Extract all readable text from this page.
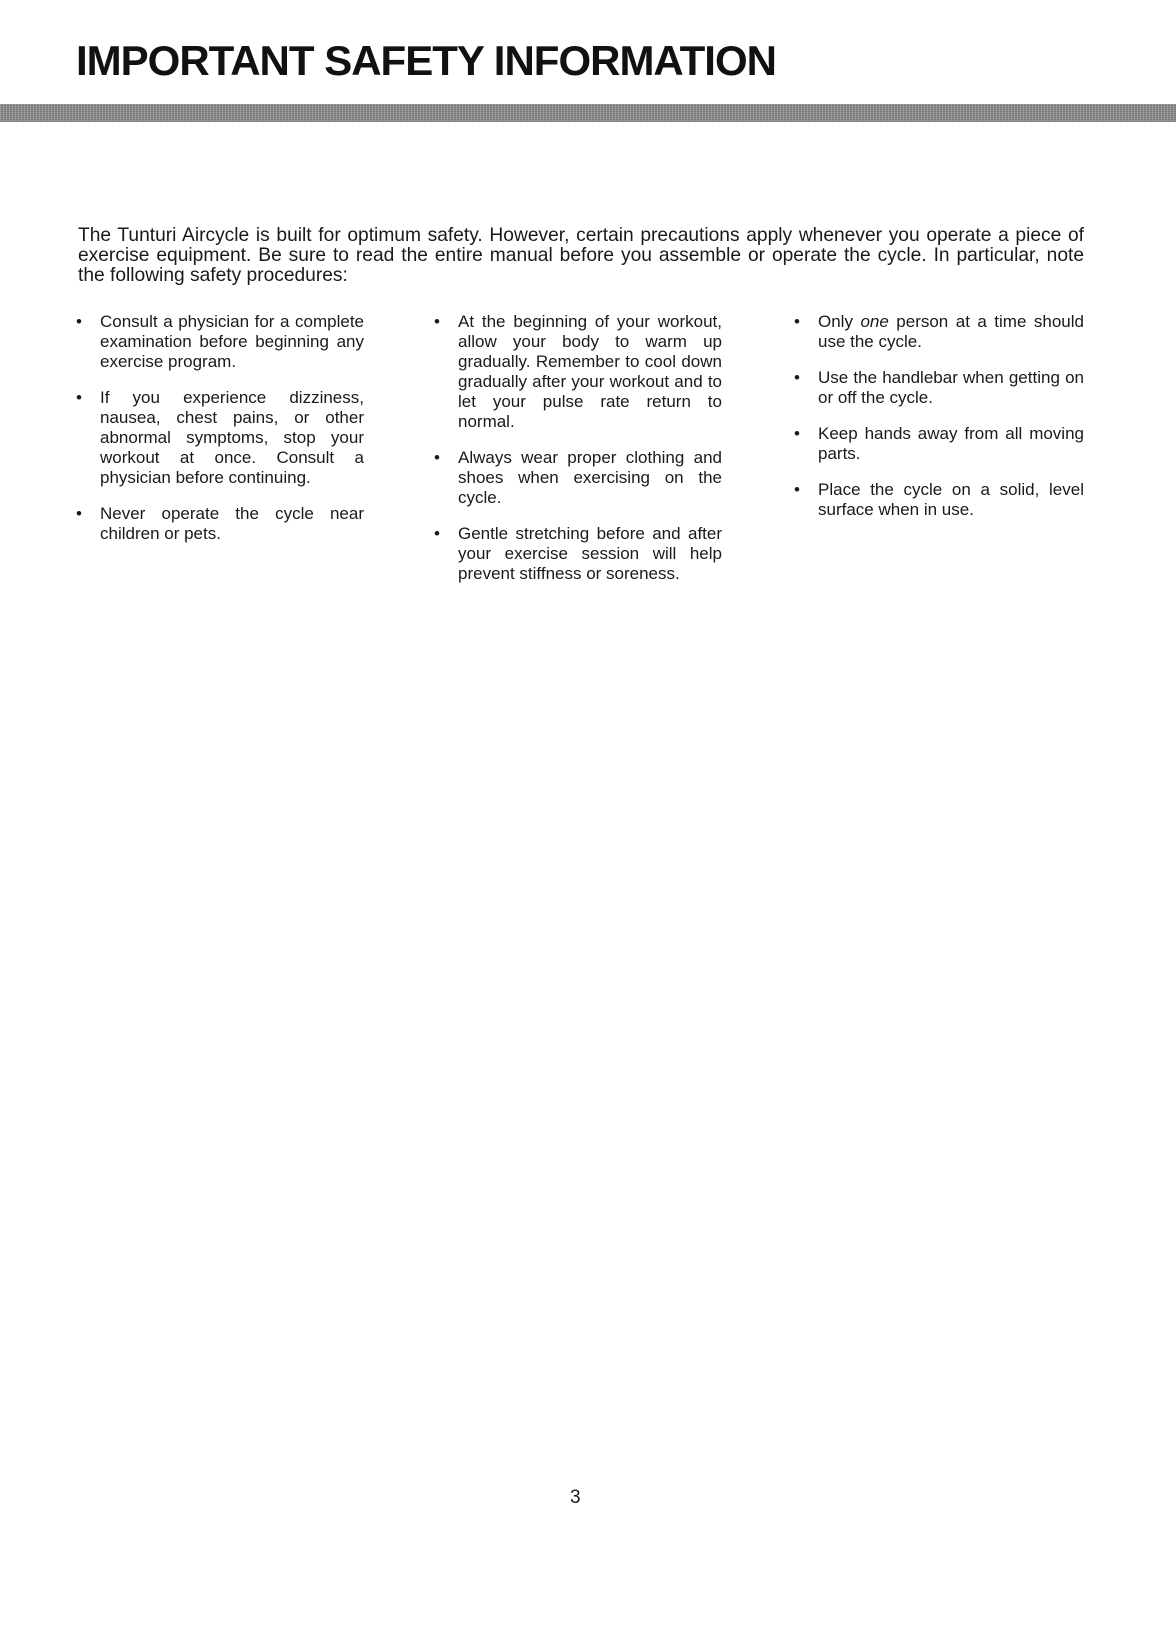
IMPORTANT SAFETY INFORMATION

The Tunturi Aircycle is built for optimum safety. However, certain precautions apply whenever you operate a piece of exercise equipment. Be sure to read the entire manual before you assemble or operate the cycle. In particular, note the following safety procedures:

• Consult a physician for a complete examination before beginning any exercise program.
• If you experience dizziness, nausea, chest pains, or other abnormal symptoms, stop your workout at once. Consult a physician before continuing.
• Never operate the cycle near children or pets.
• At the beginning of your workout, allow your body to warm up gradually. Remember to cool down gradually after your workout and to let your pulse rate return to normal.
• Always wear proper clothing and shoes when exercising on the cycle.
• Gentle stretching before and after your exercise session will help prevent stiffness or soreness.
• Only one person at a time should use the cycle.
• Use the handlebar when getting on or off the cycle.
• Keep hands away from all moving parts.
• Place the cycle on a solid, level surface when in use.
3
